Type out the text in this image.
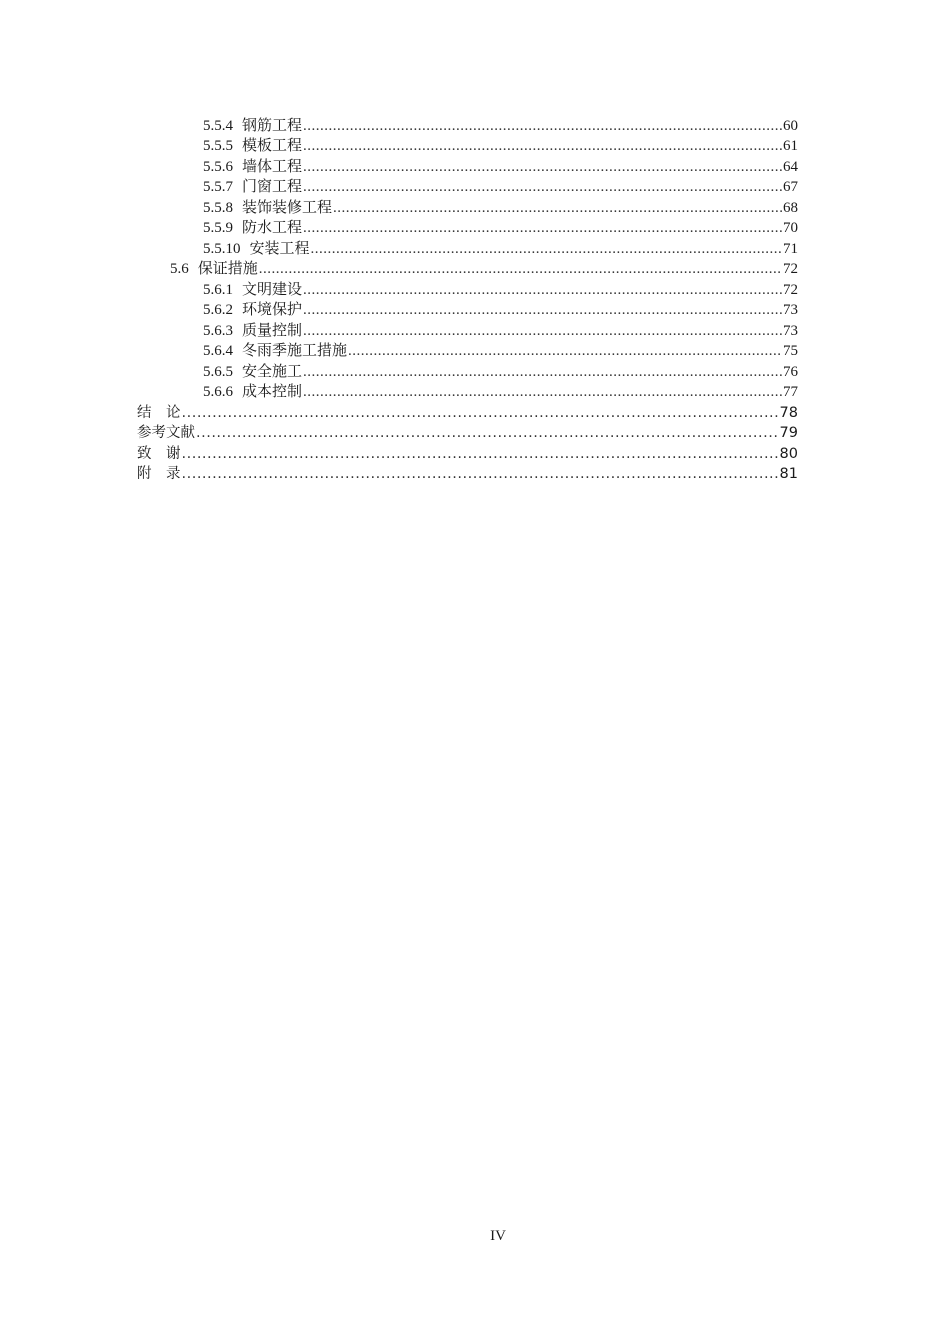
5.5.4 钢筋工程 .....	60
5.5.5 模板工程 .....	61
5.5.6 墙体工程 .....	64
5.5.7 门窗工程 .....	67
5.5.8 装饰装修工程 .....	68
5.5.9 防水工程 .....	70
5.5.10 安装工程 .....	71
5.6 保证措施 .....	72
5.6.1 文明建设 .....	72
5.6.2 环境保护 .....	73
5.6.3 质量控制 .....	73
5.6.4 冬雨季施工措施 .....	75
5.6.5 安全施工 .....	76
5.6.6 成本控制 .....	77
结　论 .....	78
参考文献 .....	79
致　谢 .....	80
附　录 .....	81
IV
